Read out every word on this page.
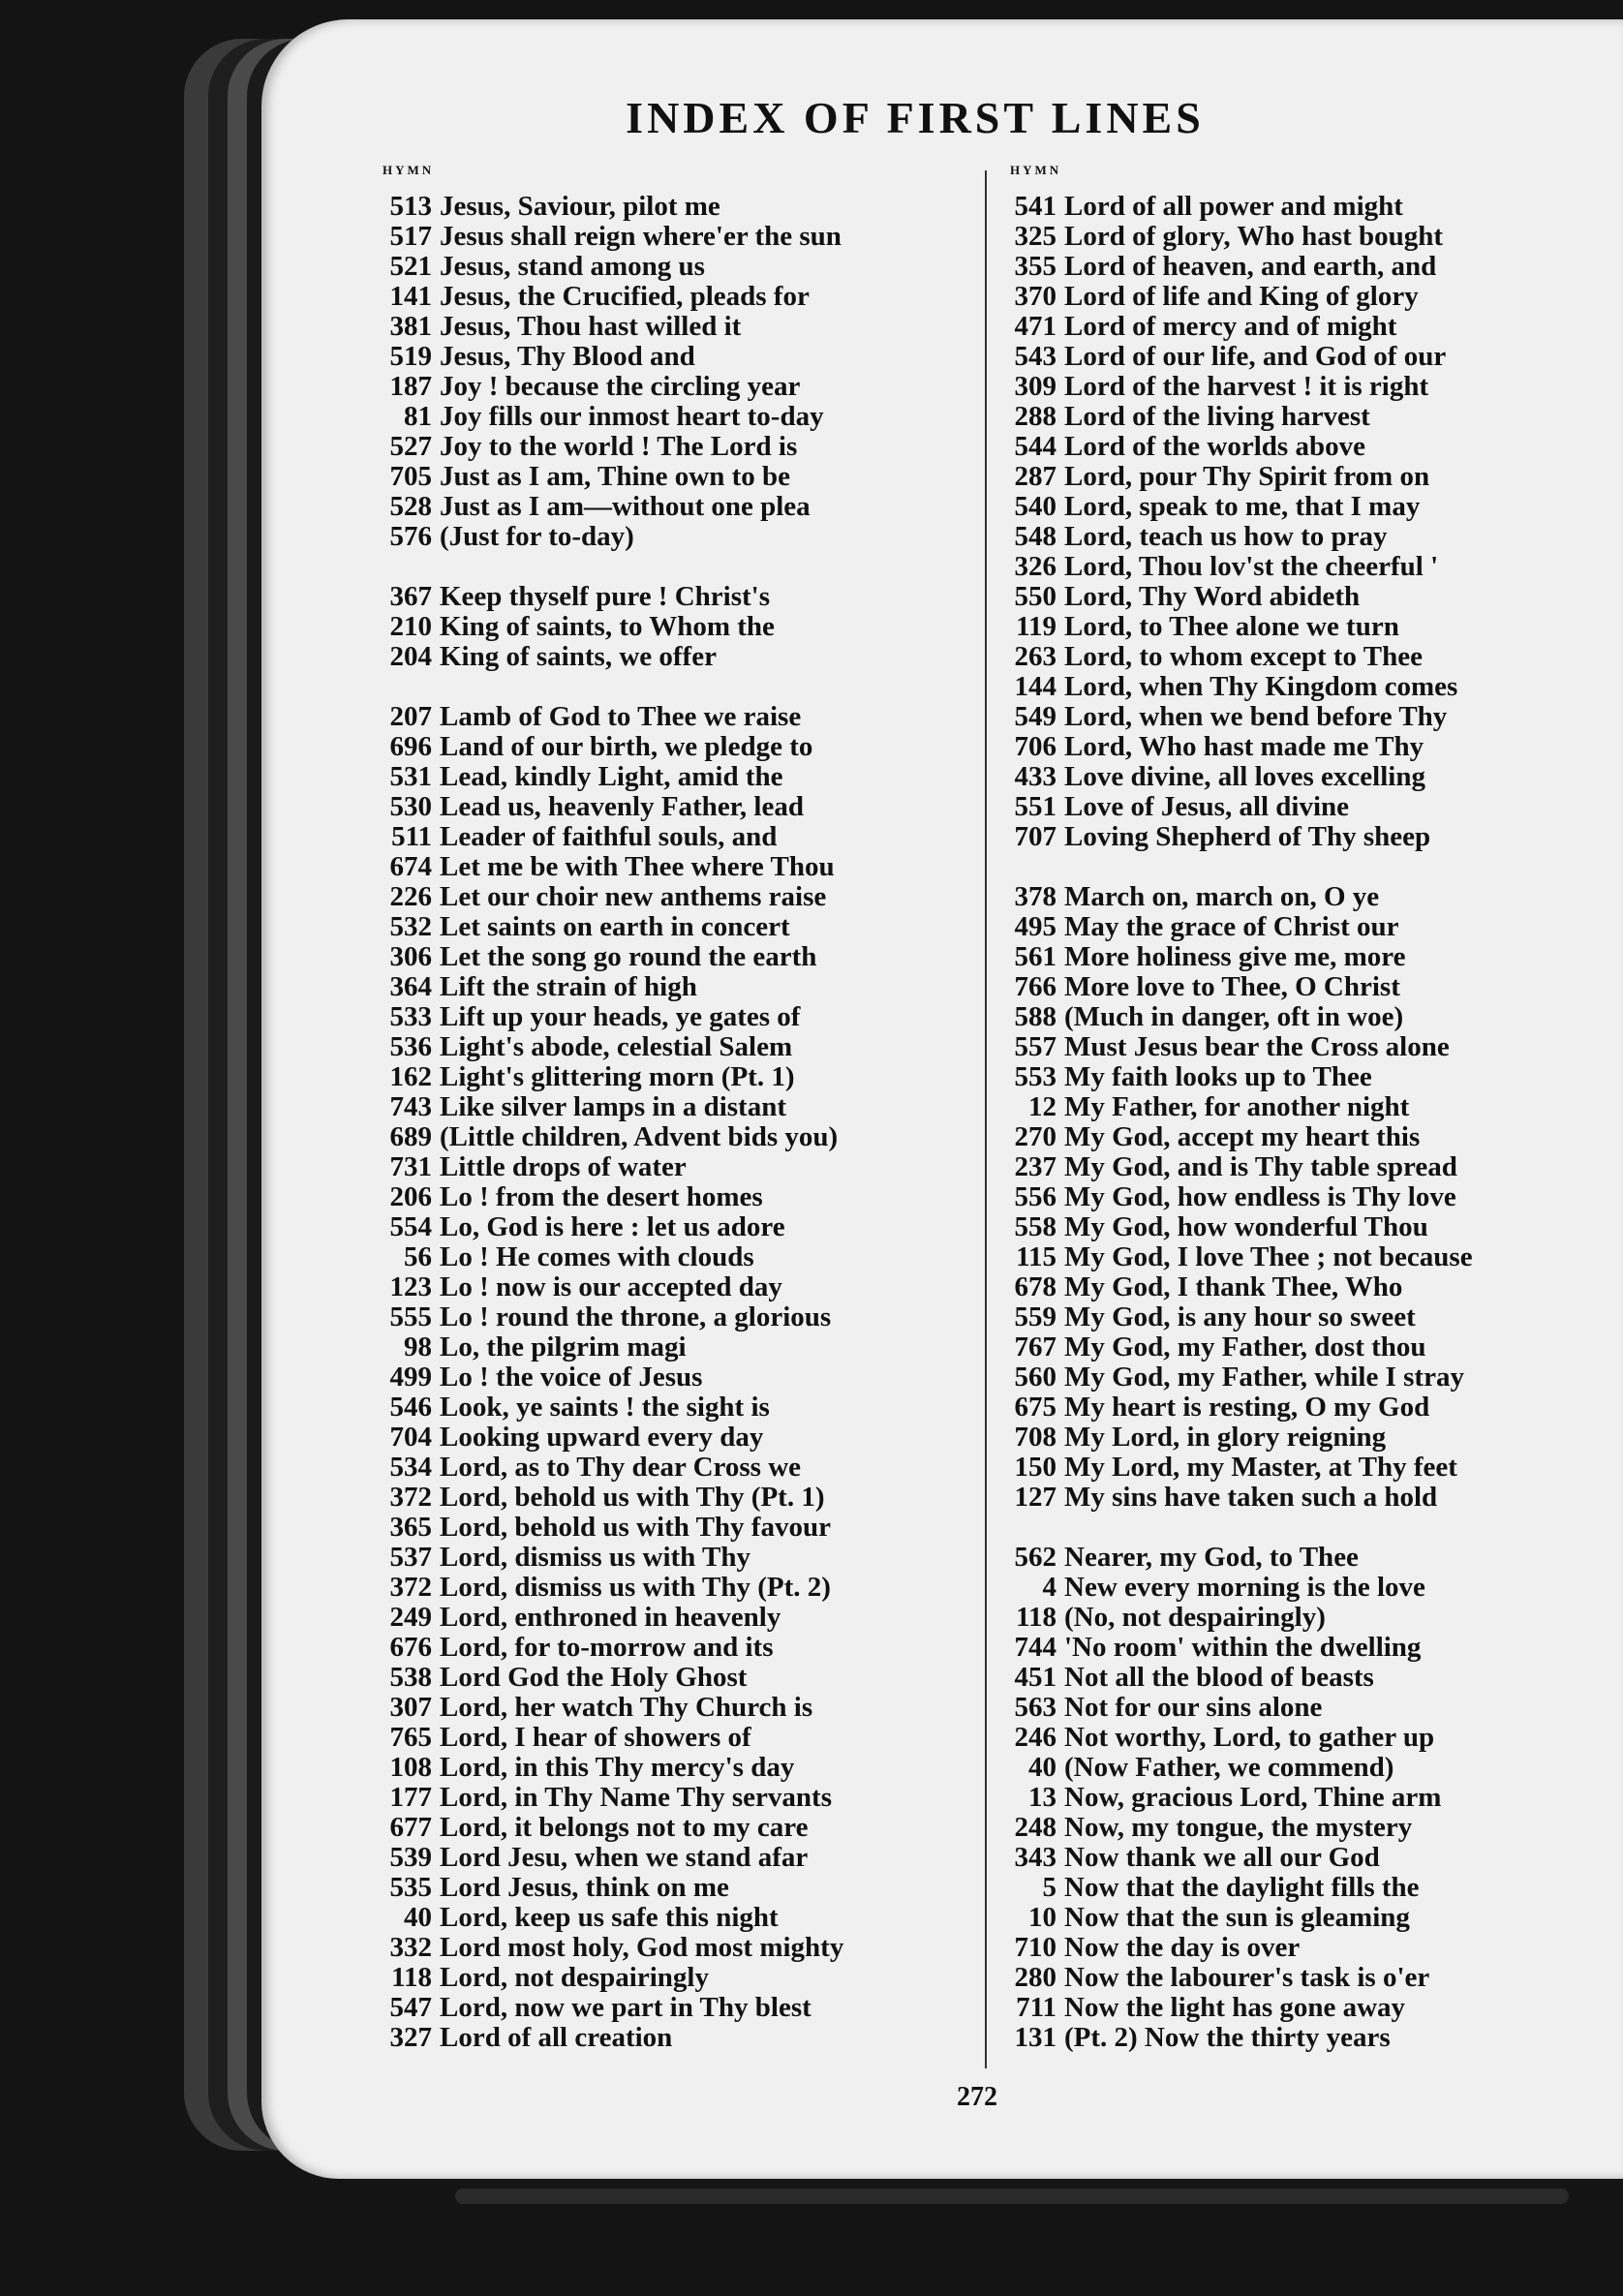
INDEX OF FIRST LINES
HYMN	HYMN
513 Jesus, Saviour, pilot me
517 Jesus shall reign where'er the sun
521 Jesus, stand among us
141 Jesus, the Crucified, pleads for
381 Jesus, Thou hast willed it
519 Jesus, Thy Blood and
187 Joy ! because the circling year
81 Joy fills our inmost heart to-day
527 Joy to the world ! The Lord is
705 Just as I am, Thine own to be
528 Just as I am—without one plea
576 (Just for to-day)
367 Keep thyself pure ! Christ's
210 King of saints, to Whom the
204 King of saints, we offer
207 Lamb of God to Thee we raise
696 Land of our birth, we pledge to
531 Lead, kindly Light, amid the
530 Lead us, heavenly Father, lead
511 Leader of faithful souls, and
674 Let me be with Thee where Thou
226 Let our choir new anthems raise
532 Let saints on earth in concert
306 Let the song go round the earth
364 Lift the strain of high
533 Lift up your heads, ye gates of
536 Light's abode, celestial Salem
162 Light's glittering morn (Pt. 1)
743 Like silver lamps in a distant
689 (Little children, Advent bids you)
731 Little drops of water
206 Lo ! from the desert homes
554 Lo, God is here : let us adore
56 Lo ! He comes with clouds
123 Lo ! now is our accepted day
555 Lo ! round the throne, a glorious
98 Lo, the pilgrim magi
499 Lo ! the voice of Jesus
546 Look, ye saints ! the sight is
704 Looking upward every day
534 Lord, as to Thy dear Cross we
372 Lord, behold us with Thy (Pt. 1)
365 Lord, behold us with Thy favour
537 Lord, dismiss us with Thy
372 Lord, dismiss us with Thy (Pt. 2)
249 Lord, enthroned in heavenly
676 Lord, for to-morrow and its
538 Lord God the Holy Ghost
307 Lord, her watch Thy Church is
765 Lord, I hear of showers of
108 Lord, in this Thy mercy's day
177 Lord, in Thy Name Thy servants
677 Lord, it belongs not to my care
539 Lord Jesu, when we stand afar
535 Lord Jesus, think on me
40 Lord, keep us safe this night
332 Lord most holy, God most mighty
118 Lord, not despairingly
547 Lord, now we part in Thy blest
327 Lord of all creation
541 Lord of all power and might
325 Lord of glory, Who hast bought
355 Lord of heaven, and earth, and
370 Lord of life and King of glory
471 Lord of mercy and of might
543 Lord of our life, and God of our
309 Lord of the harvest ! it is right
288 Lord of the living harvest
544 Lord of the worlds above
287 Lord, pour Thy Spirit from on
540 Lord, speak to me, that I may
548 Lord, teach us how to pray
326 Lord, Thou lov'st the cheerful '
550 Lord, Thy Word abideth
119 Lord, to Thee alone we turn
263 Lord, to whom except to Thee
144 Lord, when Thy Kingdom comes
549 Lord, when we bend before Thy
706 Lord, Who hast made me Thy
433 Love divine, all loves excelling
551 Love of Jesus, all divine
707 Loving Shepherd of Thy sheep
378 March on, march on, O ye
495 May the grace of Christ our
561 More holiness give me, more
766 More love to Thee, O Christ
588 (Much in danger, oft in woe)
557 Must Jesus bear the Cross alone
553 My faith looks up to Thee
12 My Father, for another night
270 My God, accept my heart this
237 My God, and is Thy table spread
556 My God, how endless is Thy love
558 My God, how wonderful Thou
115 My God, I love Thee ; not because
678 My God, I thank Thee, Who
559 My God, is any hour so sweet
767 My God, my Father, dost thou
560 My God, my Father, while I stray
675 My heart is resting, O my God
708 My Lord, in glory reigning
150 My Lord, my Master, at Thy feet
127 My sins have taken such a hold
562 Nearer, my God, to Thee
4 New every morning is the love
118 (No, not despairingly)
744 'No room' within the dwelling
451 Not all the blood of beasts
563 Not for our sins alone
246 Not worthy, Lord, to gather up
40 (Now Father, we commend)
13 Now, gracious Lord, Thine arm
248 Now, my tongue, the mystery
343 Now thank we all our God
5 Now that the daylight fills the
10 Now that the sun is gleaming
710 Now the day is over
280 Now the labourer's task is o'er
711 Now the light has gone away
131 (Pt. 2) Now the thirty years
272
